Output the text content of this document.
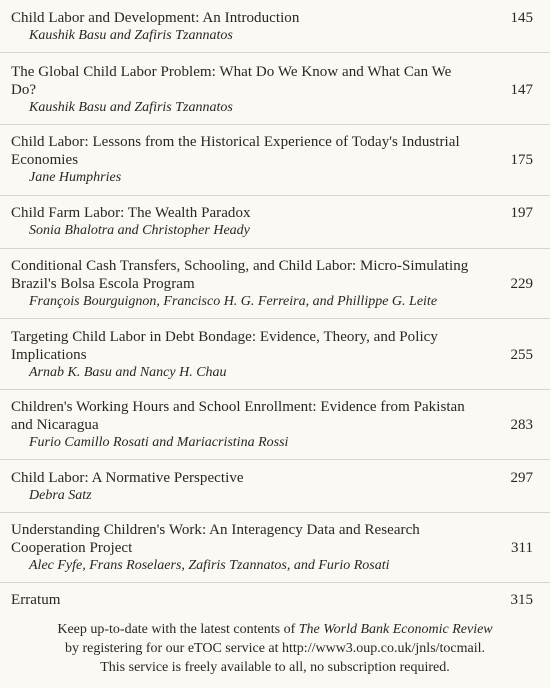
Child Labor and Development: An Introduction
Kaushik Basu and Zafiris Tzannatos
145
The Global Child Labor Problem: What Do We Know and What Can We Do?
Kaushik Basu and Zafiris Tzannatos
147
Child Labor: Lessons from the Historical Experience of Today's Industrial Economies
Jane Humphries
175
Child Farm Labor: The Wealth Paradox
Sonia Bhalotra and Christopher Heady
197
Conditional Cash Transfers, Schooling, and Child Labor: Micro-Simulating Brazil's Bolsa Escola Program
François Bourguignon, Francisco H. G. Ferreira, and Phillippe G. Leite
229
Targeting Child Labor in Debt Bondage: Evidence, Theory, and Policy Implications
Arnab K. Basu and Nancy H. Chau
255
Children's Working Hours and School Enrollment: Evidence from Pakistan and Nicaragua
Furio Camillo Rosati and Mariacristina Rossi
283
Child Labor: A Normative Perspective
Debra Satz
297
Understanding Children's Work: An Interagency Data and Research Cooperation Project
Alec Fyfe, Frans Roselaers, Zafiris Tzannatos, and Furio Rosati
311
Erratum	315
Keep up-to-date with the latest contents of The World Bank Economic Review
by registering for our eTOC service at http://www3.oup.co.uk/jnls/tocmail.
This service is freely available to all, no subscription required.
